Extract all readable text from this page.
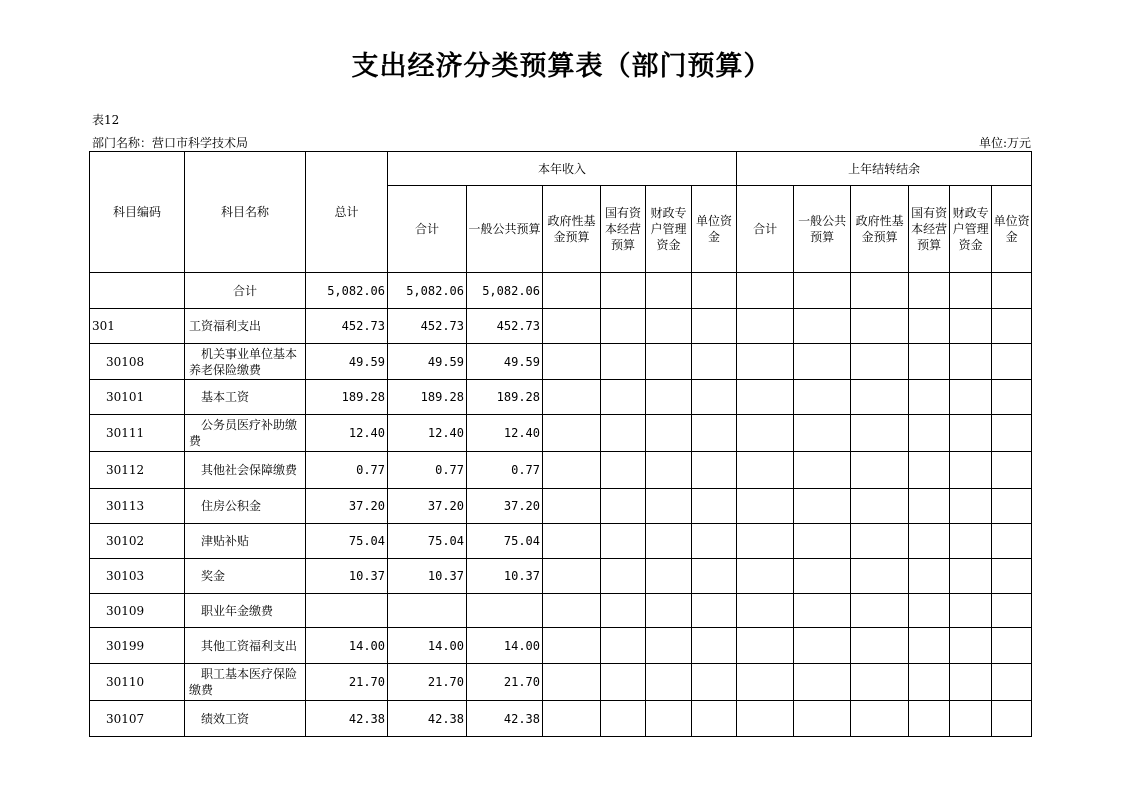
支出经济分类预算表（部门预算）
表12
部门名称：营口市科学技术局	单位:万元
科目编码	科目名称	总计	本年收入						上年结转结余					
			合计	一般公共预算	政府性基金预算	国有资本经营预算	财政专户管理资金	单位资金	合计	一般公共预算	政府性基金预算	国有资本经营预算	财政专户管理资金	单位资金
	合计	5,082.06	5,082.06	5,082.06										
301	工资福利支出	452.73	452.73	452.73										
30108	机关事业单位基本养老保险缴费	49.59	49.59	49.59										
30101	基本工资	189.28	189.28	189.28										
30111	公务员医疗补助缴费	12.40	12.40	12.40										
30112	其他社会保障缴费	0.77	0.77	0.77										
30113	住房公积金	37.20	37.20	37.20										
30102	津贴补贴	75.04	75.04	75.04										
30103	奖金	10.37	10.37	10.37										
30109	职业年金缴费													
30199	其他工资福利支出	14.00	14.00	14.00										
30110	职工基本医疗保险缴费	21.70	21.70	21.70										
30107	绩效工资	42.38	42.38	42.38										
